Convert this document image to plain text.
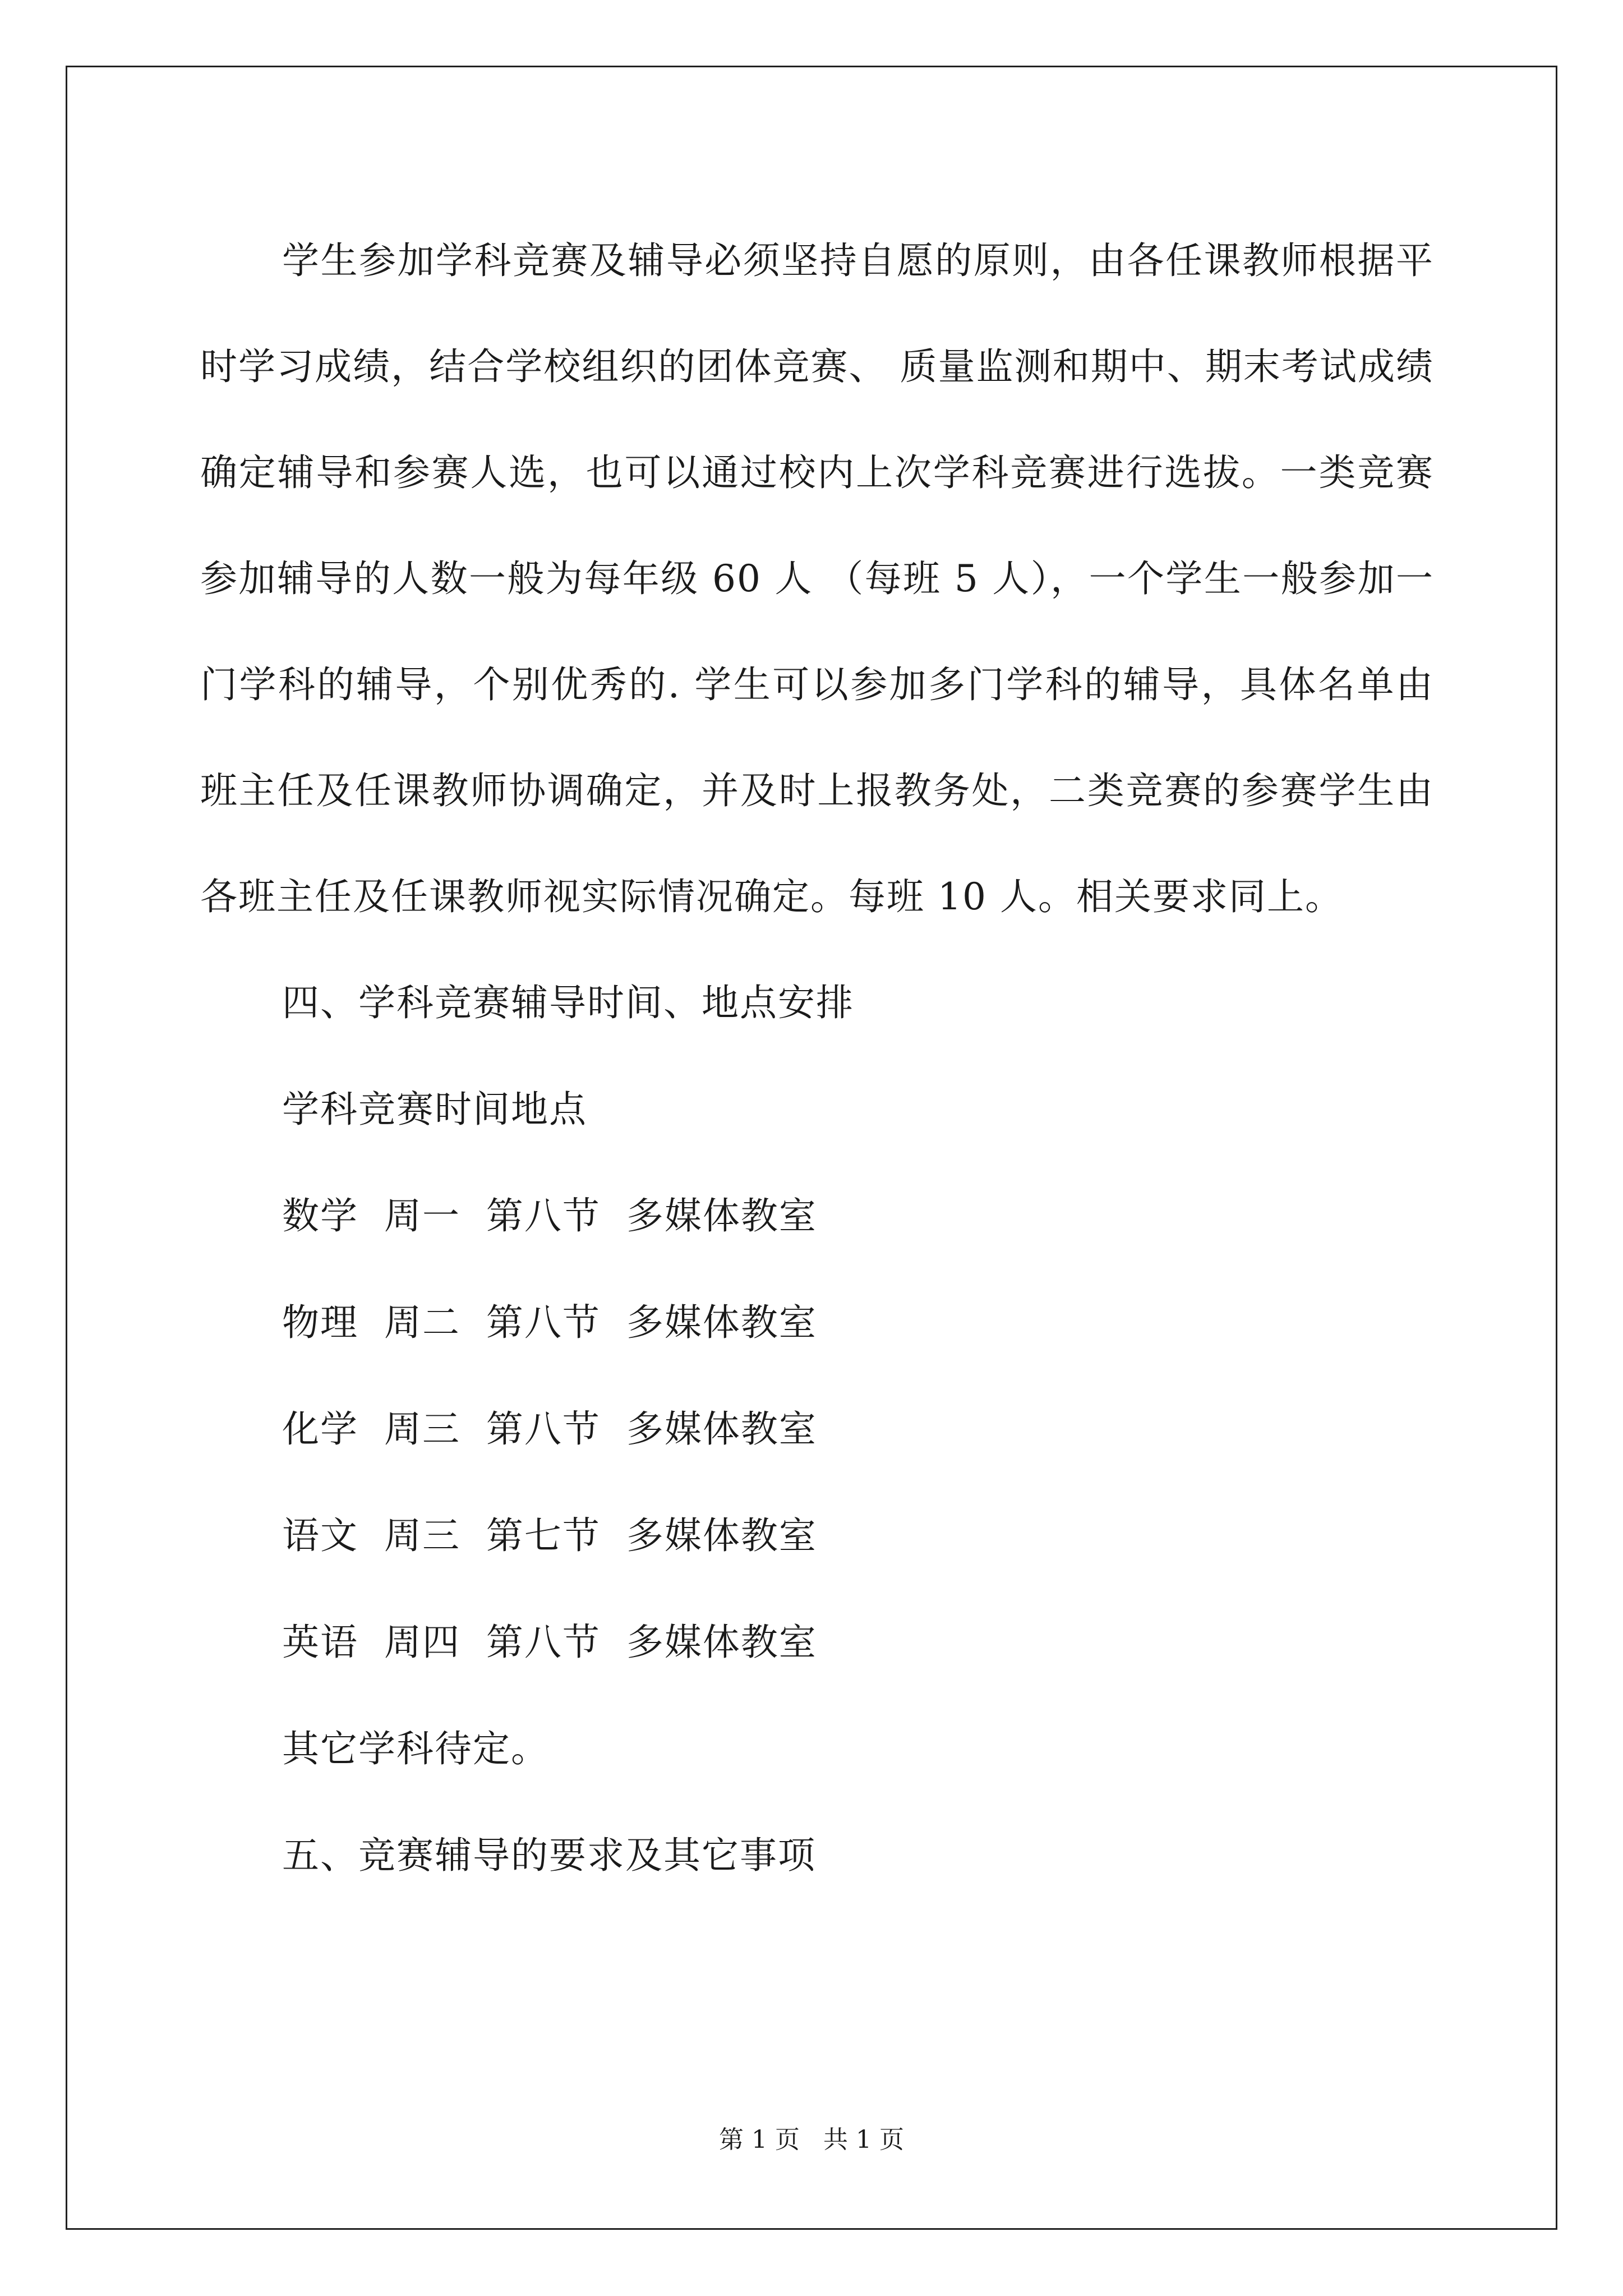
学生参加学科竞赛及辅导必须坚持自愿的原则，由各任课教师根据平时学习成绩，结合学校组织的团体竞赛、 质量监测和期中、期末考试成绩确定辅导和参赛人选，也可以通过校内上次学科竞赛进行选拔。一类竞赛参加辅导的人数一般为每年级 60 人 （每班 5 人），一个学生一般参加一门学科的辅导，个别优秀的. 学生可以参加多门学科的辅导，具体名单由班主任及任课教师协调确定，并及时上报教务处，二类竞赛的参赛学生由各班主任及任课教师视实际情况确定。每班 10 人。相关要求同上。

四、学科竞赛辅导时间、地点安排
学科竞赛时间地点
数学  周一  第八节  多媒体教室
物理  周二  第八节  多媒体教室
化学  周三  第八节  多媒体教室
语文  周三  第七节  多媒体教室
英语  周四  第八节  多媒体教室
其它学科待定。
五、竞赛辅导的要求及其它事项
第 1 页   共 1 页
